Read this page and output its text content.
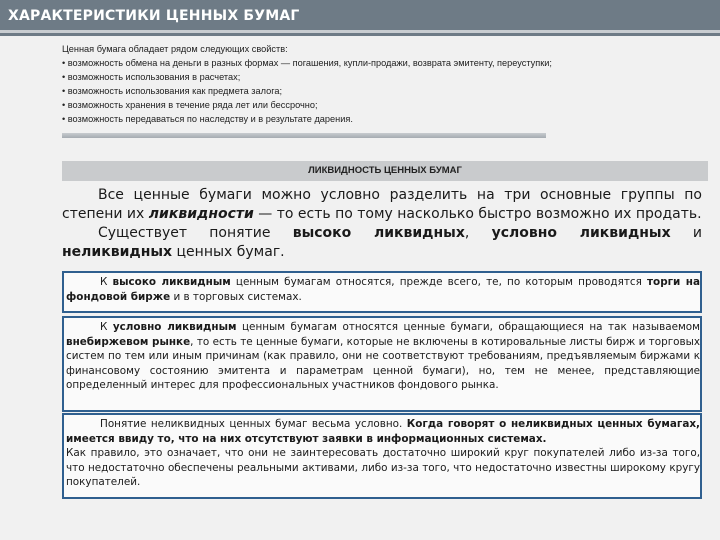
ХАРАКТЕРИСТИКИ ЦЕННЫХ БУМАГ
Ценная бумага обладает рядом следующих свойств:
• возможность обмена на деньги в разных формах — погашения, купли-продажи, возврата эмитенту, переуступки;
• возможность использования в расчетах;
• возможность использования как предмета залога;
• возможность хранения в течение ряда лет или бессрочно;
• возможность передаваться по наследству и в результате дарения.
ЛИКВИДНОСТЬ ЦЕННЫХ БУМАГ

Все ценные бумаги можно условно разделить на три основные группы по степени их ликвидности — то есть по тому насколько быстро возможно их продать.

Существует понятие высоко ликвидных, условно ликвидных и неликвидных ценных бумаг.

К высоко ликвидным ценным бумагам относятся, прежде всего, те, по которым проводятся торги на фондовой бирже и в торговых системах.

К условно ликвидным ценным бумагам относятся ценные бумаги, обращающиеся на так называемом внебиржевом рынке, то есть те ценные бумаги, которые не включены в котировальные листы бирж и торговых систем по тем или иным причинам (как правило, они не соответствуют требованиям, предъявляемым биржами к финансовому состоянию эмитента и параметрам ценной бумаги), но, тем не менее, представляющие определенный интерес для профессиональных участников фондового рынка.

Понятие неликвидных ценных бумаг весьма условно. Когда говорят о неликвидных ценных бумагах, имеется ввиду то, что на них отсутствуют заявки в информационных системах.

Как правило, это означает, что они не заинтересовать достаточно широкий круг покупателей либо из-за того, что недостаточно обеспечены реальными активами, либо из-за того, что недостаточно известны широкому кругу покупателей.
